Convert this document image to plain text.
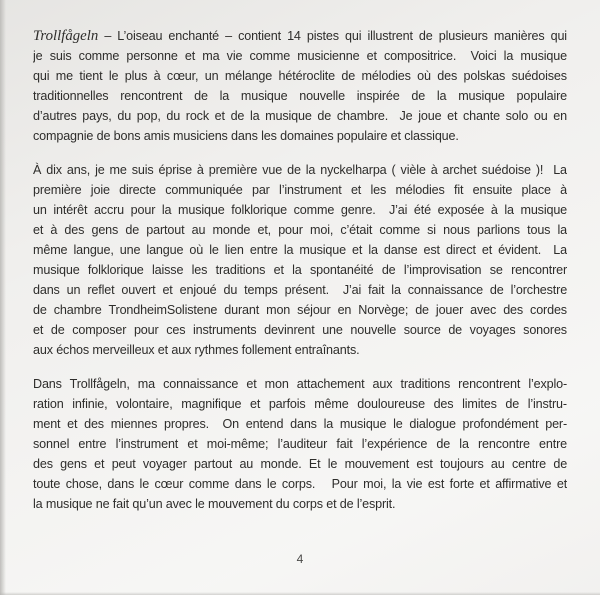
Trollfågeln – L’oiseau enchanté – contient 14 pistes qui illustrent de plusieurs manières qui
je suis comme personne et ma vie comme musicienne et compositrice.  Voici la musique
qui me tient le plus à cœur, un mélange hétéroclite de mélodies où des polskas suédoises
traditionnelles rencontrent de la musique nouvelle inspirée de la musique populaire
d’autres pays, du pop, du rock et de la musique de chambre.  Je joue et chante solo ou en
compagnie de bons amis musiciens dans les domaines populaire et classique.
À dix ans, je me suis éprise à première vue de la nyckelharpa ( vièle à archet suédoise )!  La
première joie directe communiquée par l’instrument et les mélodies fit ensuite place à
un intérêt accru pour la musique folklorique comme genre.  J’ai été exposée à la musique
et à des gens de partout au monde et, pour moi, c’était comme si nous parlions tous la
même langue, une langue où le lien entre la musique et la danse est direct et évident.  La
musique folklorique laisse les traditions et la spontanéité de l’improvisation se rencontrer
dans un reflet ouvert et enjoué du temps présent.  J’ai fait la connaissance de l’orchestre
de chambre TrondheimSolistene durant mon séjour en Norvège; de jouer avec des cordes
et de composer pour ces instruments devinrent une nouvelle source de voyages sonores
aux échos merveilleux et aux rythmes follement entraînants.
Dans Trollfågeln, ma connaissance et mon attachement aux traditions rencontrent l’explo-
ration infinie, volontaire, magnifique et parfois même douloureuse des limites de l’instru-
ment et des miennes propres.  On entend dans la musique le dialogue profondément per-
sonnel entre l’instrument et moi-même; l’auditeur fait l’expérience de la rencontre entre
des gens et peut voyager partout au monde. Et le mouvement est toujours au centre de
toute chose, dans le cœur comme dans le corps.   Pour moi, la vie est forte et affirmative et
la musique ne fait qu’un avec le mouvement du corps et de l’esprit.
4
